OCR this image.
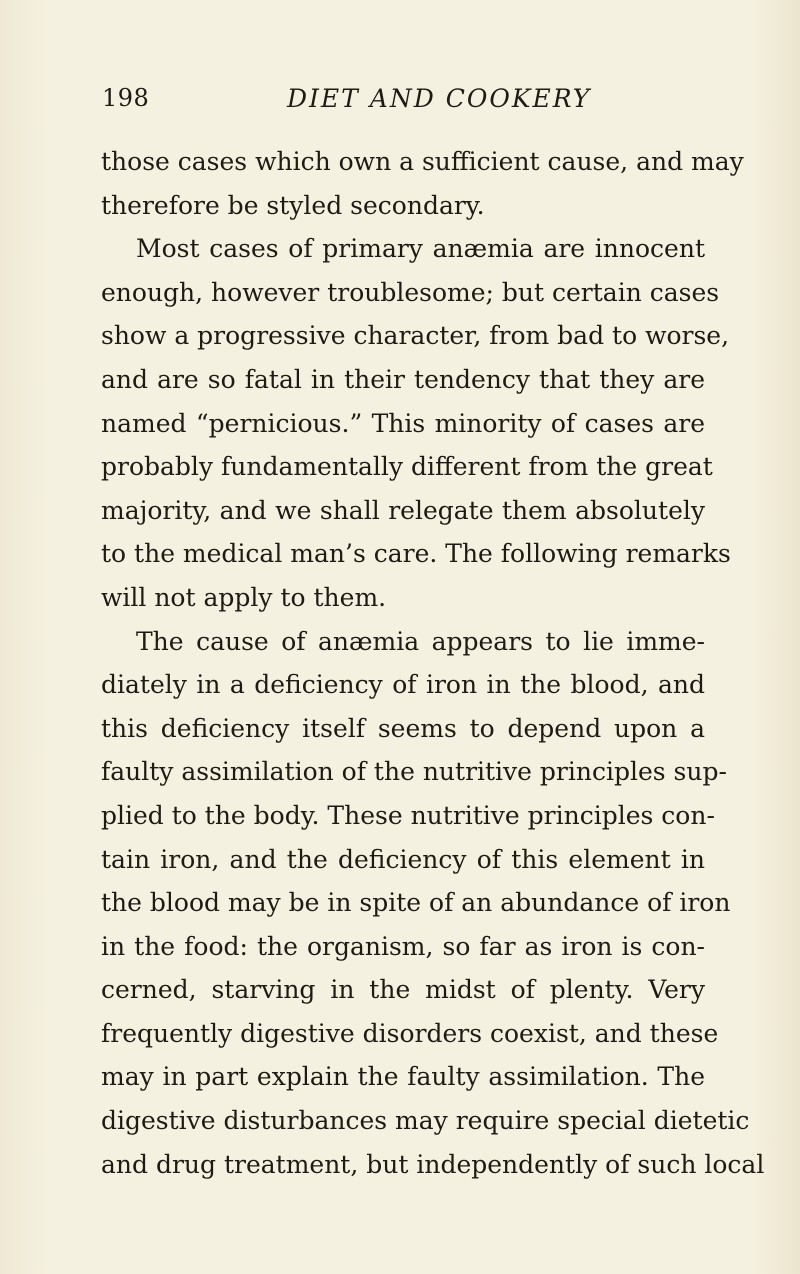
198	DIET AND COOKERY
those cases which own a sufficient cause, and may
therefore be styled secondary.
Most cases of primary anæmia are innocent
enough, however troublesome; but certain cases
show a progressive character, from bad to worse,
and are so fatal in their tendency that they are
named “pernicious.” This minority of cases are
probably fundamentally different from the great
majority, and we shall relegate them absolutely
to the medical man’s care. The following remarks
will not apply to them.
The cause of anæmia appears to lie imme-
diately in a deficiency of iron in the blood, and
this deficiency itself seems to depend upon a
faulty assimilation of the nutritive principles sup-
plied to the body. These nutritive principles con-
tain iron, and the deficiency of this element in
the blood may be in spite of an abundance of iron
in the food: the organism, so far as iron is con-
cerned, starving in the midst of plenty. Very
frequently digestive disorders coexist, and these
may in part explain the faulty assimilation. The
digestive disturbances may require special dietetic
and drug treatment, but independently of such local
